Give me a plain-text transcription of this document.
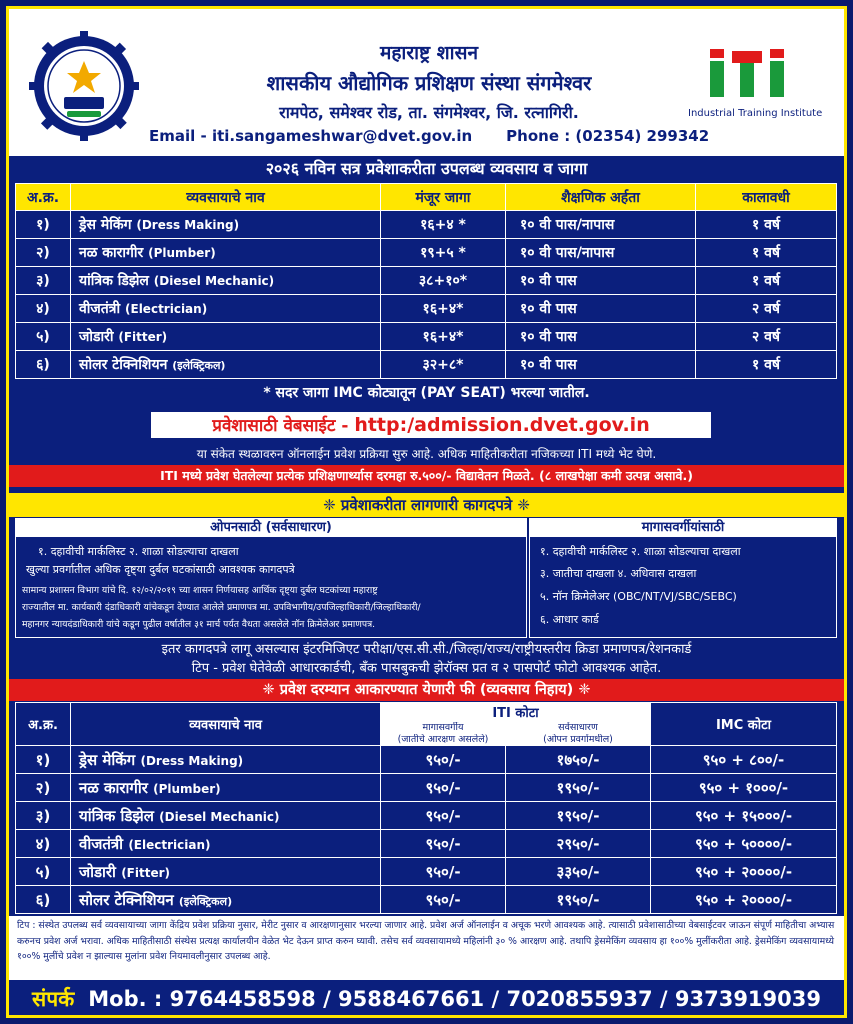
महाराष्ट्र शासन
शासकीय औद्योगिक प्रशिक्षण संस्था संगमेश्वर
रामपेठ, समेश्वर रोड, ता. संगमेश्वर, जि. रत्नागिरी.
Email - iti.sangameshwar@dvet.gov.in Phone : (02354) 299342
Industrial Training Institute
२०२६ नविन सत्र प्रवेशाकरीता उपलब्ध व्यवसाय व जागा
अ.क्र.	व्यवसायाचे नाव	मंजूर जागा	शैक्षणिक अर्हता	कालावधी
१)	ड्रेस मेकिंग (Dress Making)	१६+४ *	१० वी पास/नापास	१ वर्ष
२)	नळ कारागीर (Plumber)	१९+५ *	१० वी पास/नापास	१ वर्ष
३)	यांत्रिक डिझेल (Diesel Mechanic)	३८+१०*	१० वी पास	१ वर्ष
४)	वीजतंत्री (Electrician)	१६+४*	१० वी पास	२ वर्ष
५)	जोडारी (Fitter)	१६+४*	१० वी पास	२ वर्ष
६)	सोलर टेक्निशियन (इलेक्ट्रिकल)	३२+८*	१० वी पास	१ वर्ष
* सदर जागा IMC कोट्यातून (PAY SEAT) भरल्या जातील.
प्रवेशासाठी वेबसाईट - http:/admission.dvet.gov.in
या संकेत स्थळावरुन ऑनलाईन प्रवेश प्रक्रिया सुरु आहे. अधिक माहितीकरीता नजिकच्या ITI मध्ये भेट घेणे.
ITI मध्ये प्रवेश घेतलेल्या प्रत्येक प्रशिक्षणार्थ्यास दरमहा रु.५००/- विद्यावेतन मिळते. (८ लाखपेक्षा कमी उत्पन्न असावे.)
❈ प्रवेशाकरीता लागणारी कागदपत्रे ❈
ओपनसाठी (सर्वसाधारण)
१. दहावीची मार्कलिस्ट २. शाळा सोडल्याचा दाखला
खुल्या प्रवर्गातील अधिक दृष्ट्या दुर्बल घटकांसाठी आवश्यक कागदपत्रे
सामान्य प्रशासन विभाग यांचे दि. १२/०२/२०१९ च्या शासन निर्णयासह आर्थिक दृष्ट्या दुर्बल घटकांच्या महाराष्ट्र
राज्यातील मा. कार्यकारी दंडाधिकारी यांचेकडून देण्यात आलेले प्रमाणपत्र मा. उपविभागीय/उपजिल्हाधिकारी/जिल्हाधिकारी/
महानगर न्यायदंडाधिकारी यांचे कडून पुढील वर्षातील ३१ मार्च पर्यत वैधता असलेले नॉन क्रिमेलेअर प्रमाणपत्र.
मागासवर्गीयांसाठी
१. दहावीची मार्कलिस्ट २. शाळा सोडल्याचा दाखला
३. जातीचा दाखला ४. अधिवास दाखला
५. नॉन क्रिमेलेअर (OBC/NT/VJ/SBC/SEBC)
६. आधार कार्ड
इतर कागदपत्रे लागू असल्यास इंटरमिजिएट परीक्षा/एस.सी.सी./जिल्हा/राज्य/राष्ट्रीयस्तरीय क्रिडा प्रमाणपत्र/रेशनकार्ड
टिप - प्रवेश घेतेवेळी आधारकार्डची, बँक पासबुकची झेरॉक्स प्रत व २ पासपोर्ट फोटो आवश्यक आहेत.
❈ प्रवेश दरम्यान आकारण्यात येणारी फी (व्यवसाय निहाय) ❈
अ.क्र.	व्यवसायाचे नाव	ITI कोटा		IMC कोटा
		मागासवर्गीय	सर्वसाधारण	
		(जातीचे आरक्षण असलेले)	(ओपन प्रवर्गामधील)	
१)	ड्रेस मेकिंग (Dress Making)	९५०/-	१७५०/-	९५० + ८००/-
२)	नळ कारागीर (Plumber)	९५०/-	१९५०/-	९५० + १०००/-
३)	यांत्रिक डिझेल (Diesel Mechanic)	९५०/-	१९५०/-	९५० + १५०००/-
४)	वीजतंत्री (Electrician)	९५०/-	२९५०/-	९५० + ५००००/-
५)	जोडारी (Fitter)	९५०/-	३३५०/-	९५० + २००००/-
६)	सोलर टेक्निशियन (इलेक्ट्रिकल)	९५०/-	१९५०/-	९५० + २००००/-
टिप : संस्थेत उपलब्ध सर्व व्यवसायाच्या जागा केंद्रिय प्रवेश प्रक्रिया नुसार, मेरीट नुसार व आरक्षणानुसार भरल्या जाणार आहे. प्रवेश अर्ज ऑनलाईन व अचूक भरणे आवश्यक आहे. त्यासाठी प्रवेशासाठीच्या वेबसाईटवर जाऊन संपूर्ण माहितीचा अभ्यास करुनच प्रवेश अर्ज भरावा. अधिक माहितीसाठी संस्थेस प्रत्यक्ष कार्यालयीन वेळेत भेट देऊन प्राप्त करुन घ्यावी. तसेच सर्व व्यवसायामध्ये महिलांनी ३० % आरक्षण आहे. तथापि ड्रेसमेकिंग व्यवसाय हा १००% मुलींकरीता आहे. ड्रेसमेकिंग व्यवसायामध्ये १००% मुलींचे प्रवेश न झाल्यास मुलांना प्रवेश नियमावलीनुसार उपलब्ध आहे.
संपर्क Mob. : 9764458598 / 9588467661 / 7020855937 / 9373919039
